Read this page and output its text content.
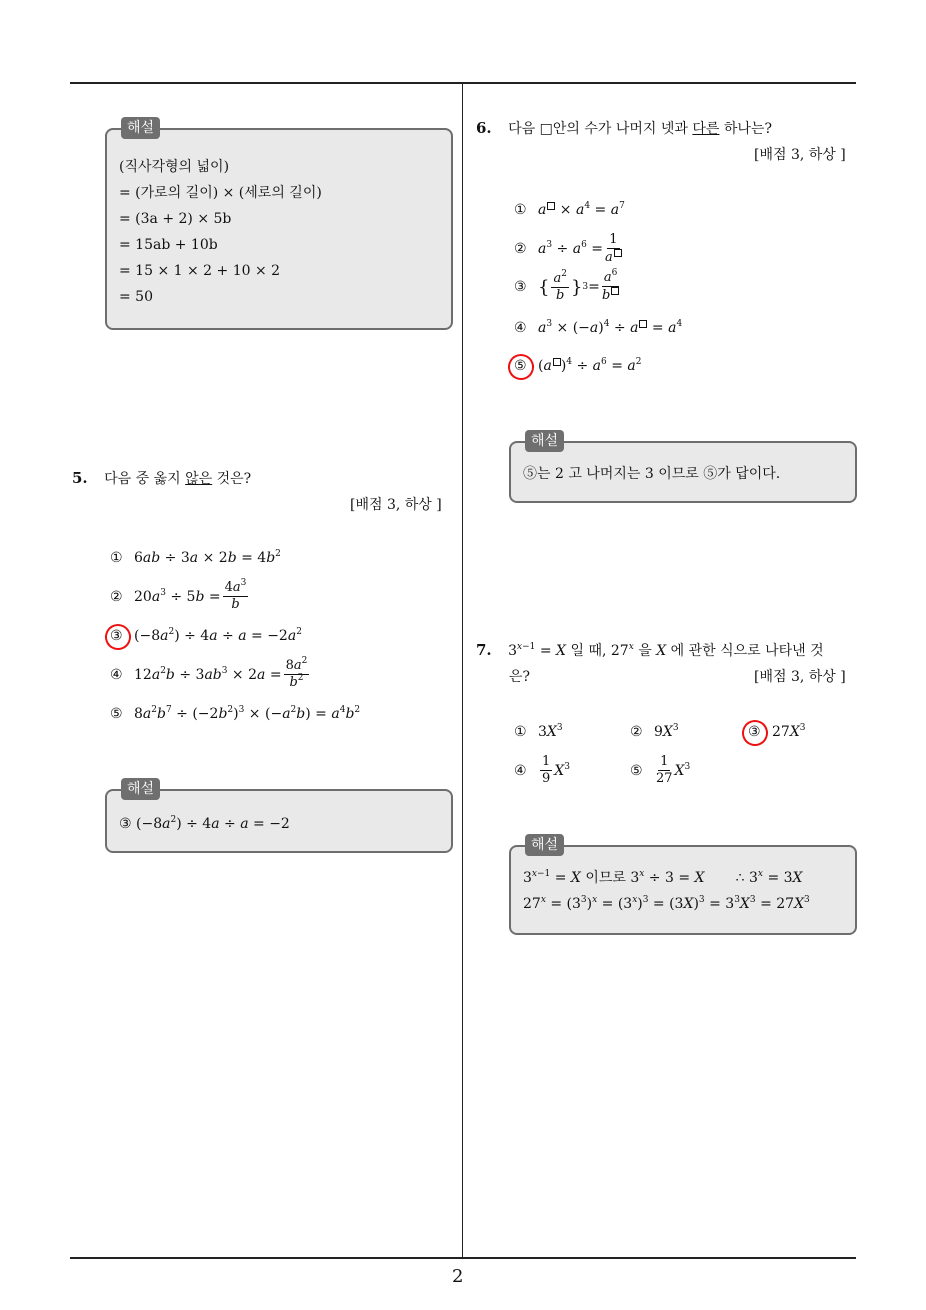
2
해설
(직사각형의 넓이)
= (가로의 길이) × (세로의 길이)
= (3a + 2) × 5b
= 15ab + 10b
= 15 × 1 × 2 + 10 × 2
= 50
5. 다음 중 옳지 않은 것은?
[배점 3, 하상 ]
① $6ab \div 3a \times 2b = 4b^2$
② $20a^3 \div 5b = \frac{4a^3}{b}$
③ $(-8a^2) \div 4a \div a = -2a^2$
④ $12a^2b \div 3ab^3 \times 2a = \frac{8a^2}{b^2}$
⑤ $8a^2b^7 \div (-2b^2)^3 \times (-a^2b) = a^4b^2$
해설
③ $(-8a^2) \div 4a \div a = -2$
6. 다음 □안의 수가 나머지 넷과 다른 하나는?
[배점 3, 하상 ]
① $a \times a^4 = a^7$
② $a^3 \div a^6 = \frac{1}{a}$
③ { $\frac{a^2}{b}$ } $3 = \frac{a^6}{b}$
④ $a^3 \times (-a)^4 \div a = a^4$
⑤ (a )$^4 \div a^6 = a^2$
해설
⑤는 2 고 나머지는 3 이므로 ⑤가 답이다.
7. $3^{x-1} = X$ 일 때, 27$^x$ 을 X 에 관한 식으로 나타낸 것
은?	[배점 3, 하상 ]
① $3X^3$	② $9X^3$	③ $27X^3$
④	$\frac{1}{9} X^3$	⑤	$\frac{1}{27} X^3$
해설
$3^{x-1} = X$ 이므로 $3^x \div 3 = X$       ∴ $3^x = 3X$
$27^x = (3^3)^x = (3^x)^3 = (3X)^3 = 3^3X^3 = 27X^3$
